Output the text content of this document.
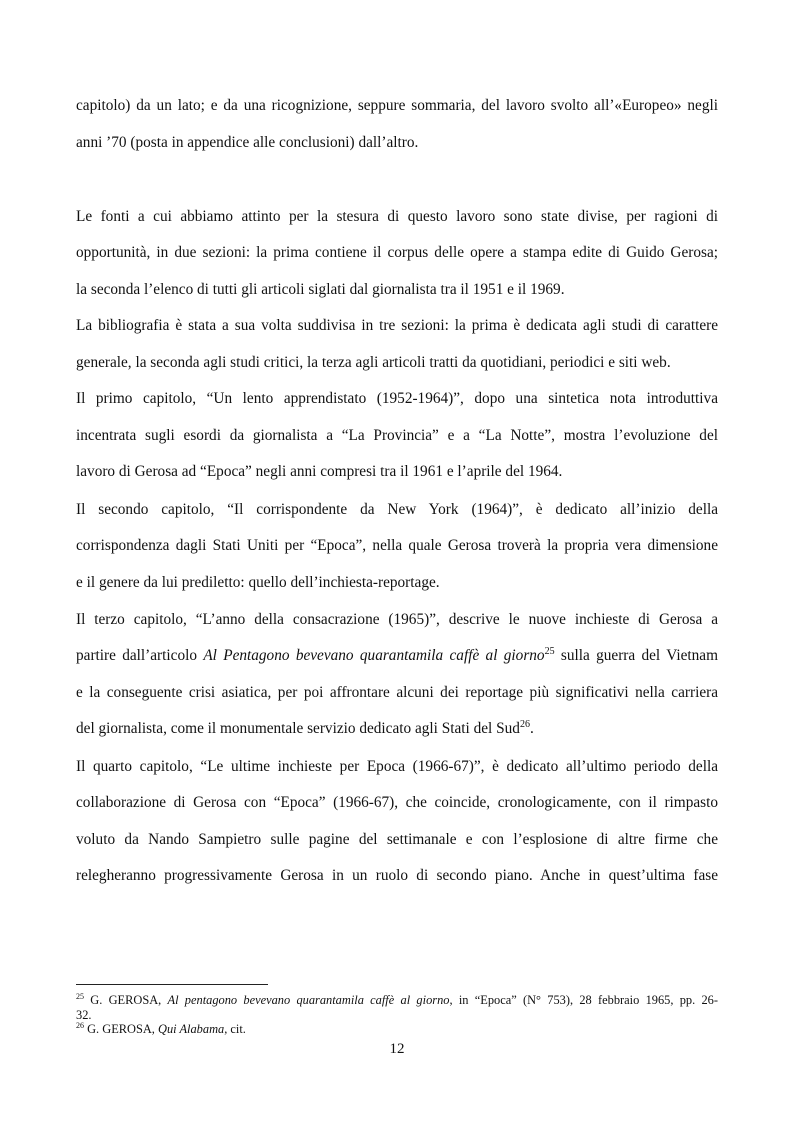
capitolo) da un lato; e da una ricognizione, seppure sommaria, del lavoro svolto all’«Europeo» negli
anni ’70 (posta in appendice alle conclusioni) dall’altro.
Le fonti a cui abbiamo attinto per la stesura di questo lavoro sono state divise, per ragioni di
opportunità, in due sezioni: la prima contiene il corpus delle opere a stampa edite di Guido Gerosa;
la seconda l’elenco di tutti gli articoli siglati dal giornalista tra il 1951 e il 1969.
La bibliografia è stata a sua volta suddivisa in tre sezioni: la prima è dedicata agli studi di carattere
generale, la seconda agli studi critici, la terza agli articoli tratti da quotidiani, periodici e siti web.
Il primo capitolo, “Un lento apprendistato (1952-1964)”, dopo una sintetica nota introduttiva
incentrata sugli esordi da giornalista a “La Provincia” e a “La Notte”, mostra l’evoluzione del
lavoro di Gerosa ad “Epoca” negli anni compresi tra il 1961 e l’aprile del 1964.
Il secondo capitolo, “Il corrispondente da New York (1964)”, è dedicato all’inizio della
corrispondenza dagli Stati Uniti per “Epoca”, nella quale Gerosa troverà la propria vera dimensione
e il genere da lui prediletto: quello dell’inchiesta-reportage.
Il terzo capitolo, “L’anno della consacrazione (1965)”, descrive le nuove inchieste di Gerosa a
partire dall’articolo Al Pentagono bevevano quarantamila caffè al giorno$^{25}$ sulla guerra del Vietnam
e la conseguente crisi asiatica, per poi affrontare alcuni dei reportage più significativi nella carriera
del giornalista, come il monumentale servizio dedicato agli Stati del Sud$^{26}$.
Il quarto capitolo, “Le ultime inchieste per Epoca (1966-67)”, è dedicato all’ultimo periodo della
collaborazione di Gerosa con “Epoca” (1966-67), che coincide, cronologicamente, con il rimpasto
voluto da Nando Sampietro sulle pagine del settimanale e con l’esplosione di altre firme che
relegheranno progressivamente Gerosa in un ruolo di secondo piano. Anche in quest’ultima fase
$^{25}$ G. GEROSA, Al pentagono bevevano quarantamila caffè al giorno, in “Epoca” (N° 753), 28 febbraio 1965, pp. 26-
32.
$^{26}$ G. GEROSA, Qui Alabama, cit.
12
